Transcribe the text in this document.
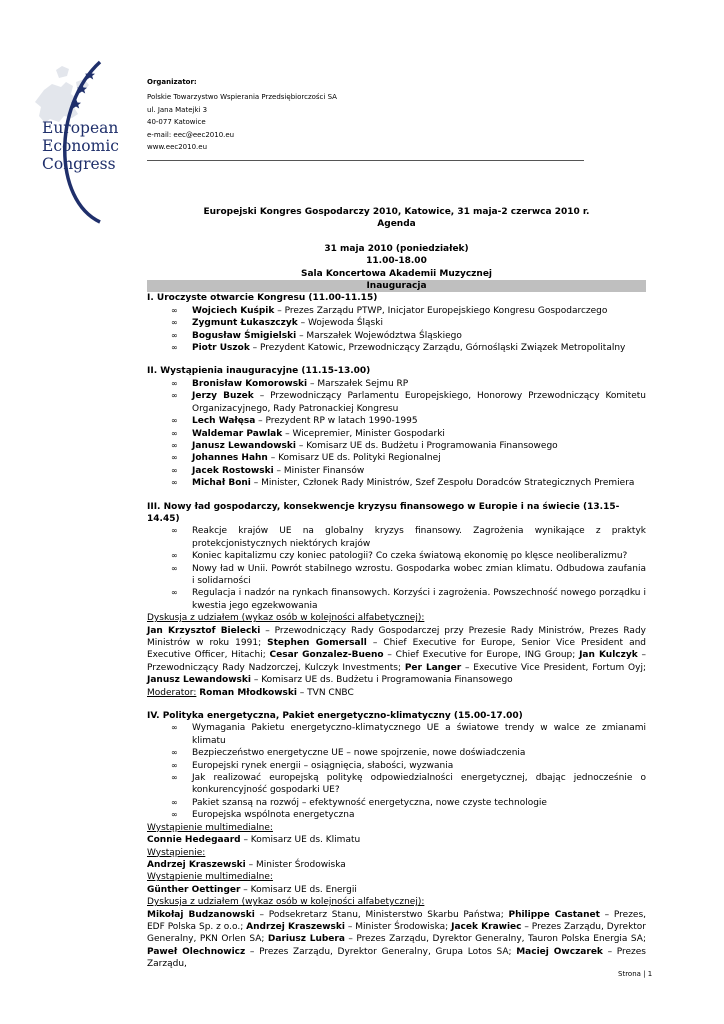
European
Economic
Congress
Organizator:
Polskie Towarzystwo Wspierania Przedsiębiorczości SA
ul. Jana Matejki 3
40-077 Katowice
e-mail: eec@eec2010.eu
www.eec2010.eu
Europejski Kongres Gospodarczy 2010, Katowice, 31 maja-2 czerwca 2010 r.
Agenda
31 maja 2010 (poniedziałek)
11.00-18.00
Sala Koncertowa Akademii Muzycznej
Inauguracja
I. Uroczyste otwarcie Kongresu (11.00-11.15)
∞ Wojciech Kuśpik – Prezes Zarządu PTWP, Inicjator Europejskiego Kongresu Gospodarczego
∞ Zygmunt Łukaszczyk – Wojewoda Śląski
∞ Bogusław Śmigielski – Marszałek Województwa Śląskiego
∞ Piotr Uszok – Prezydent Katowic, Przewodniczący Zarządu, Górnośląski Związek Metropolitalny
II. Wystąpienia inauguracyjne (11.15-13.00)
∞ Bronisław Komorowski – Marszałek Sejmu RP
∞ Jerzy Buzek – Przewodniczący Parlamentu Europejskiego, Honorowy Przewodniczący Komitetu Organizacyjnego, Rady Patronackiej Kongresu
∞ Lech Wałęsa – Prezydent RP w latach 1990-1995
∞ Waldemar Pawlak – Wicepremier, Minister Gospodarki
∞ Janusz Lewandowski – Komisarz UE ds. Budżetu i Programowania Finansowego
∞ Johannes Hahn – Komisarz UE ds. Polityki Regionalnej
∞ Jacek Rostowski – Minister Finansów
∞ Michał Boni – Minister, Członek Rady Ministrów, Szef Zespołu Doradców Strategicznych Premiera
III. Nowy ład gospodarczy, konsekwencje kryzysu finansowego w Europie i na świecie (13.15-14.45)
∞ Reakcje krajów UE na globalny kryzys finansowy. Zagrożenia wynikające z praktyk protekcjonistycznych niektórych krajów
∞ Koniec kapitalizmu czy koniec patologii? Co czeka światową ekonomię po klęsce neoliberalizmu?
∞ Nowy ład w Unii. Powrót stabilnego wzrostu. Gospodarka wobec zmian klimatu. Odbudowa zaufania i solidarności
∞ Regulacja i nadzór na rynkach finansowych. Korzyści i zagrożenia. Powszechność nowego porządku i kwestia jego egzekwowania
Dyskusja z udziałem (wykaz osób w kolejności alfabetycznej):
Jan Krzysztof Bielecki – Przewodniczący Rady Gospodarczej przy Prezesie Rady Ministrów, Prezes Rady Ministrów w roku 1991; Stephen Gomersall – Chief Executive for Europe, Senior Vice President and Executive Officer, Hitachi; Cesar Gonzalez-Bueno – Chief Executive for Europe, ING Group; Jan Kulczyk – Przewodniczący Rady Nadzorczej, Kulczyk Investments; Per Langer – Executive Vice President, Fortum Oyj; Janusz Lewandowski – Komisarz UE ds. Budżetu i Programowania Finansowego
Moderator: Roman Młodkowski – TVN CNBC
IV. Polityka energetyczna, Pakiet energetyczno-klimatyczny (15.00-17.00)
∞ Wymagania Pakietu energetyczno-klimatycznego UE a światowe trendy w walce ze zmianami klimatu
∞ Bezpieczeństwo energetyczne UE – nowe spojrzenie, nowe doświadczenia
∞ Europejski rynek energii – osiągnięcia, słabości, wyzwania
∞ Jak realizować europejską politykę odpowiedzialności energetycznej, dbając jednocześnie o konkurencyjność gospodarki UE?
∞ Pakiet szansą na rozwój – efektywność energetyczna, nowe czyste technologie
∞ Europejska wspólnota energetyczna
Wystąpienie multimedialne:
Connie Hedegaard – Komisarz UE ds. Klimatu
Wystąpienie:
Andrzej Kraszewski – Minister Środowiska
Wystąpienie multimedialne:
Günther Oettinger – Komisarz UE ds. Energii
Dyskusja z udziałem (wykaz osób w kolejności alfabetycznej):
Mikołaj Budzanowski – Podsekretarz Stanu, Ministerstwo Skarbu Państwa; Philippe Castanet – Prezes, EDF Polska Sp. z o.o.; Andrzej Kraszewski – Minister Środowiska; Jacek Krawiec – Prezes Zarządu, Dyrektor Generalny, PKN Orlen SA; Dariusz Lubera – Prezes Zarządu, Dyrektor Generalny, Tauron Polska Energia SA; Paweł Olechnowicz – Prezes Zarządu, Dyrektor Generalny, Grupa Lotos SA; Maciej Owczarek – Prezes Zarządu,
Strona | 1
